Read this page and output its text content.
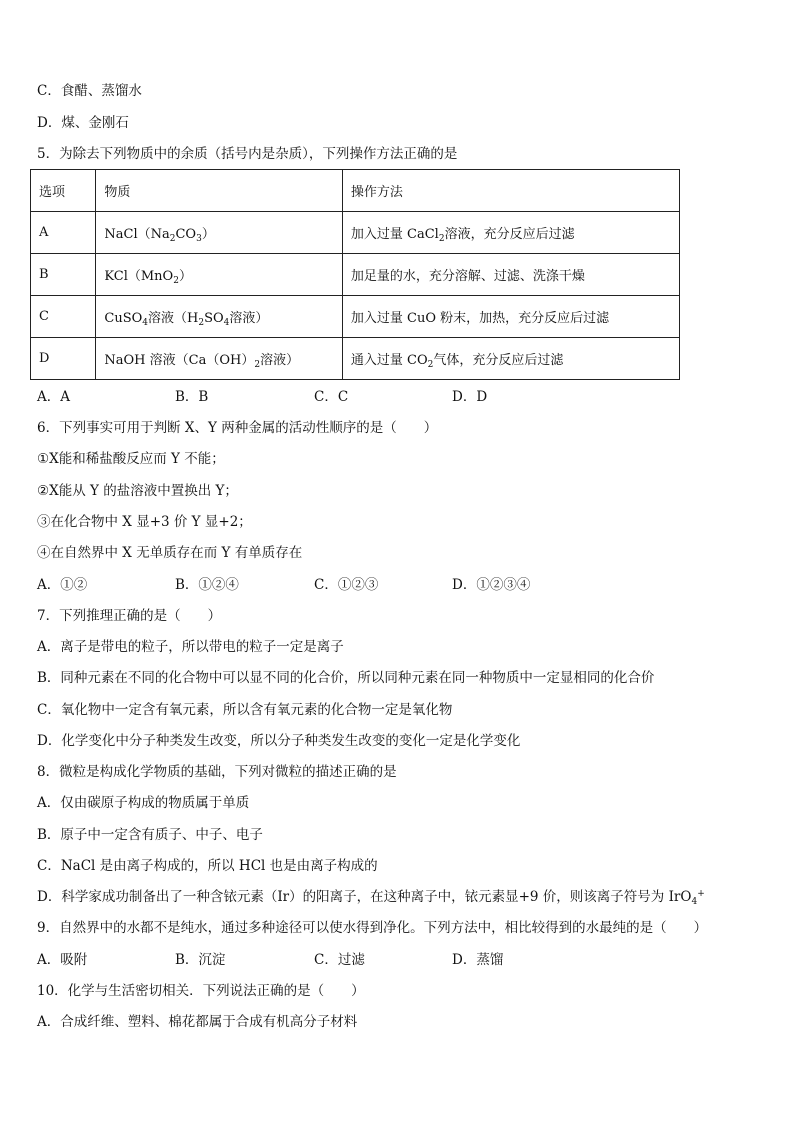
C．食醋、蒸馏水
D．煤、金刚石
5．为除去下列物质中的余质（括号内是杂质），下列操作方法正确的是
选项	物质	操作方法
A	$NaCl(Na_2CO_3)$	加入过量 CaCl$_2$溶液，充分反应后过滤
B	KCl（MnO$_2$）	加足量的水，充分溶解、过滤、洗涤干燥
C	CuSO$_4$溶液（$H_2SO_4$溶液）	加入过量 CuO 粉末，加热，充分反应后过滤
D	NaOH 溶液（$Ca(OH)_2$溶液）	通入过量 $CO_2$气体，充分反应后过滤
A．A	B．B	C．C	D．D
6．下列事实可用于判断 X、Y 两种金属的活动性顺序的是（　　）
①X能和稀盐酸反应而 Y 不能；
②X能从 Y 的盐溶液中置换出 Y；
③在化合物中 X 显+3 价 Y 显+2；
④在自然界中 X 无单质存在而 Y 有单质存在
A．①②	B．①②④	C．①②③	D．①②③④
7．下列推理正确的是（　　）
A．离子是带电的粒子，所以带电的粒子一定是离子
B．同种元素在不同的化合物中可以显不同的化合价，所以同种元素在同一种物质中一定显相同的化合价
C．氧化物中一定含有氧元素，所以含有氧元素的化合物一定是氧化物
D．化学变化中分子种类发生改变，所以分子种类发生改变的变化一定是化学变化
8．微粒是构成化学物质的基础，下列对微粒的描述正确的是
A．仅由碳原子构成的物质属于单质
B．原子中一定含有质子、中子、电子
C．NaCl 是由离子构成的，所以 HCl 也是由离子构成的
D．科学家成功制备出了一种含铱元素（Ir）的阳离子，在这种离子中，铱元素显+9 价，则该离子符号为 IrO$_4$+
9．自然界中的水都不是纯水，通过多种途径可以使水得到净化。下列方法中，相比较得到的水最纯的是（　　）
A．吸附	B．沉淀	C．过滤	D．蒸馏
10．化学与生活密切相关．下列说法正确的是（　　）
A．合成纤维、塑料、棉花都属于合成有机高分子材料
